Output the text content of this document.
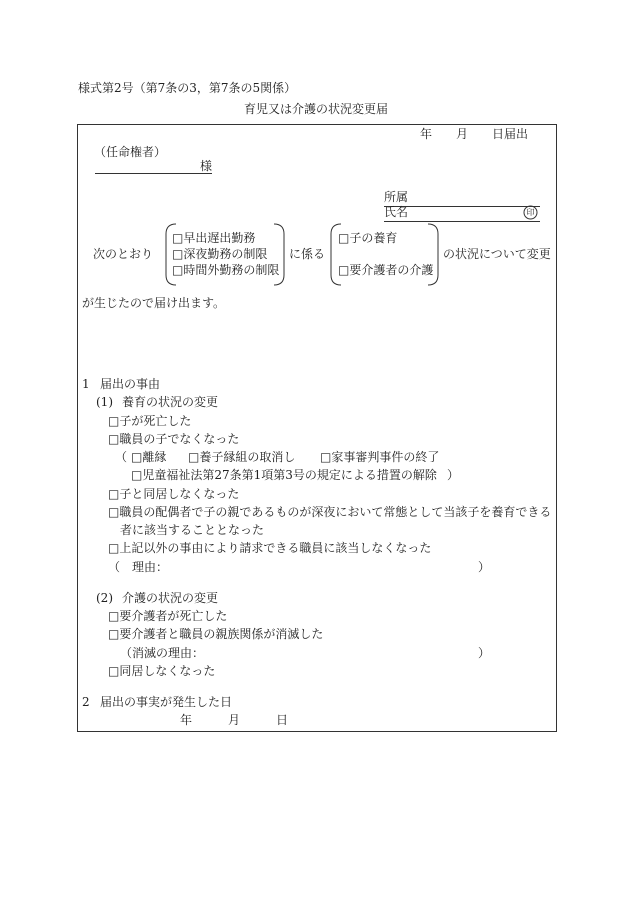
様式第2号（第7条の3，第7条の5関係）
育児又は介護の状況変更届
年　　月　　日届出
（任命権者）
様
所属
氏名	印
次のとおり
□早出遅出勤務
□深夜勤務の制限
□時間外勤務の制限
に係る
□子の養育
□要介護者の介護
の状況について変更
が生じたので届け出ます。
1 届出の事由
(1) 養育の状況の変更
□子が死亡した
□職員の子でなくなった
（ □離縁 □養子縁組の取消し □家事審判事件の終了
□児童福祉法第27条第1項第3号の規定による措置の解除 ）
□子と同居しなくなった
□職員の配偶者で子の親であるものが深夜において常態として当該子を養育できる
者に該当することとなった
□上記以外の事由により請求できる職員に該当しなくなった
（　理由：	）
(2) 介護の状況の変更
□要介護者が死亡した
□要介護者と職員の親族関係が消滅した
（消滅の理由：	）
□同居しなくなった
2 届出の事実が発生した日
年　　　月　　　日
